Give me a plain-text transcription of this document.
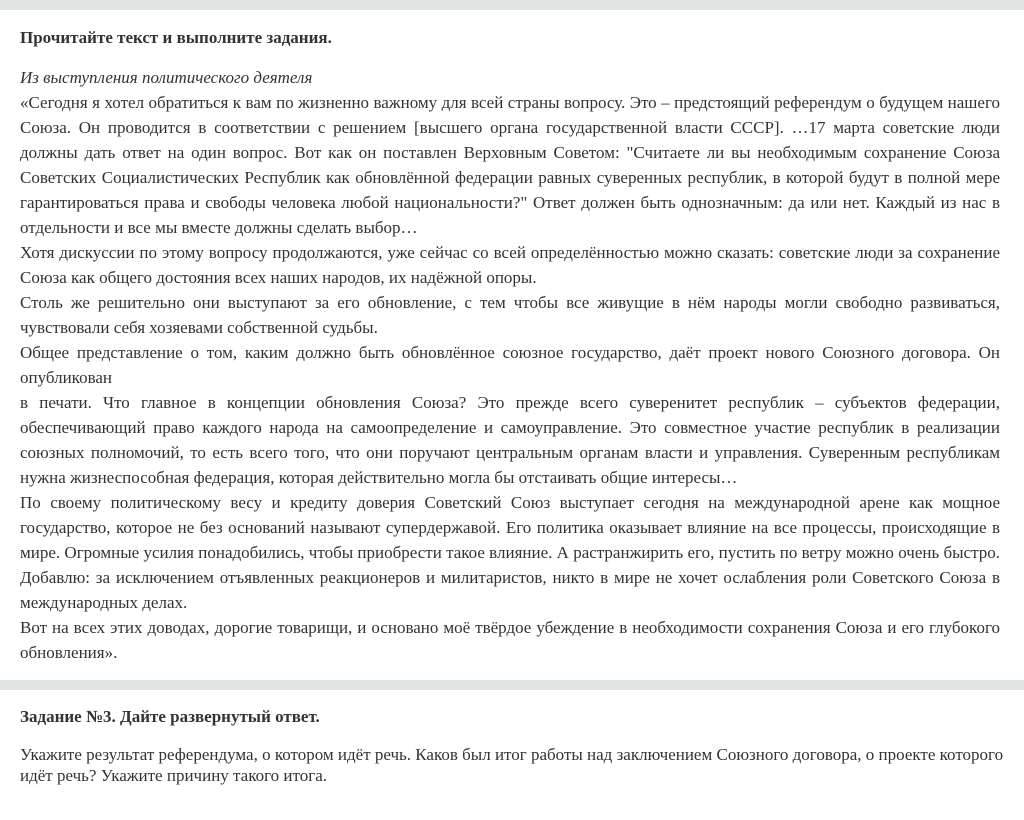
Прочитайте текст и выполните задания.

Из выступления политического деятеля

«Сегодня я хотел обратиться к вам по жизненно важному для всей страны вопросу. Это – предстоящий референдум о будущем нашего Союза. Он проводится в соответствии с решением [высшего органа государственной власти СССР]. …17 марта советские люди должны дать ответ на один вопрос. Вот как он поставлен Верховным Советом: "Считаете ли вы необходимым сохранение Союза Советских Социалистических Республик как обновлённой федерации равных суверенных республик, в которой будут в полной мере гарантироваться права и свободы человека любой национальности?" Ответ должен быть однозначным: да или нет. Каждый из нас в отдельности и все мы вместе должны сделать выбор…

Хотя дискуссии по этому вопросу продолжаются, уже сейчас со всей определённостью можно сказать: советские люди за сохранение Союза как общего достояния всех наших народов, их надёжной опоры.

Столь же решительно они выступают за его обновление, с тем чтобы все живущие в нём народы могли свободно развиваться, чувствовали себя хозяевами собственной судьбы.

Общее представление о том, каким должно быть обновлённое союзное государство, даёт проект нового Союзного договора. Он опубликован

в печати. Что главное в концепции обновления Союза? Это прежде всего суверенитет республик – субъектов федерации, обеспечивающий право каждого народа на самоопределение и самоуправление. Это совместное участие республик в реализации союзных полномочий, то есть всего того, что они поручают центральным органам власти и управления. Суверенным республикам нужна жизнеспособная федерация, которая действительно могла бы отстаивать общие интересы…

По своему политическому весу и кредиту доверия Советский Союз выступает сегодня на международной арене как мощное государство, которое не без оснований называют супердержавой. Его политика оказывает влияние на все процессы, происходящие в мире. Огромные усилия понадобились, чтобы приобрести такое влияние. А растранжирить его, пустить по ветру можно очень быстро. Добавлю: за исключением отъявленных реакционеров и милитаристов, никто в мире не хочет ослабления роли Советского Союза в международных делах.

Вот на всех этих доводах, дорогие товарищи, и основано моё твёрдое убеждение в необходимости сохранения Союза и его глубокого обновления».

Задание №3. Дайте развернутый ответ.

Укажите результат референдума, о котором идёт речь. Каков был итог работы над заключением Союзного договора, о проекте которого идёт речь? Укажите причину такого итога.
